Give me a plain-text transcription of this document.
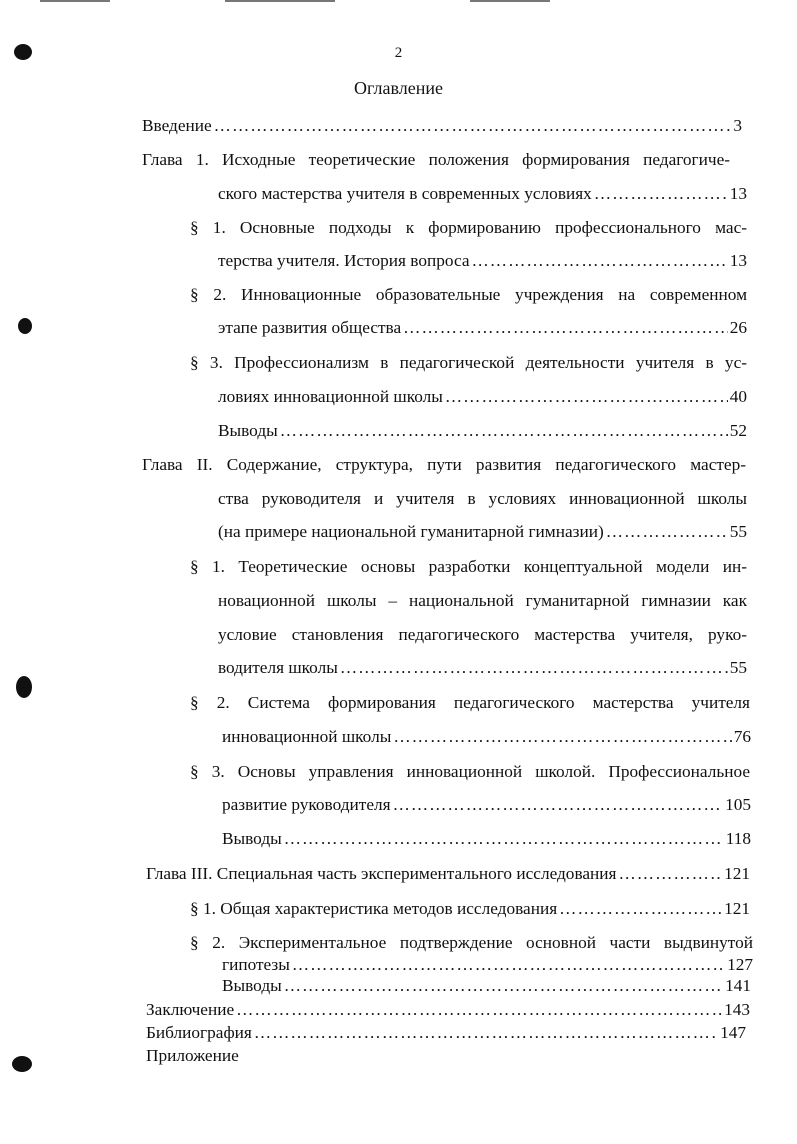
2
Оглавление
Введение …………………………………………………………………………………………………………………………………………	3
Глава 1. Исходные теоретические положения формирования педагогиче-
ского мастерства учителя в современных условиях …………………………………………………………………………………………………………………………………………	13
§ 1. Основные подходы к формированию профессионального мас-
терства учителя. История вопроса …………………………………………………………………………………………………………………………………………	13
§ 2. Инновационные образовательные учреждения на современном
этапе развития общества …………………………………………………………………………………………………………………………………………	26
§ 3. Профессионализм в педагогической деятельности учителя в ус-
ловиях инновационной школы …………………………………………………………………………………………………………………………………………	40
Выводы …………………………………………………………………………………………………………………………………………	52
Глава II. Содержание, структура, пути развития педагогического мастер-
ства руководителя и учителя в условиях инновационной школы
(на примере национальной гуманитарной гимназии) …………………………………………………………………………………………………………………………………………	55
§ 1. Теоретические основы разработки концептуальной модели ин-
новационной школы – национальной гуманитарной гимназии как
условие становления педагогического мастерства учителя, руко-
водителя школы …………………………………………………………………………………………………………………………………………	55
§ 2. Система формирования педагогического мастерства учителя
инновационной школы …………………………………………………………………………………………………………………………………………	76
§ 3. Основы управления инновационной школой. Профессиональное
развитие руководителя …………………………………………………………………………………………………………………………………………	105
Выводы …………………………………………………………………………………………………………………………………………	118
Глава III. Специальная часть экспериментального исследования …………………………………………………………………………………………………………………………………………	121
§ 1. Общая характеристика методов исследования …………………………………………………………………………………………………………………………………………	121
§ 2. Экспериментальное подтверждение основной части выдвинутой
гипотезы …………………………………………………………………………………………………………………………………………	127
Выводы …………………………………………………………………………………………………………………………………………	141
Заключение …………………………………………………………………………………………………………………………………………	143
Библиография …………………………………………………………………………………………………………………………………………	147
Приложение
